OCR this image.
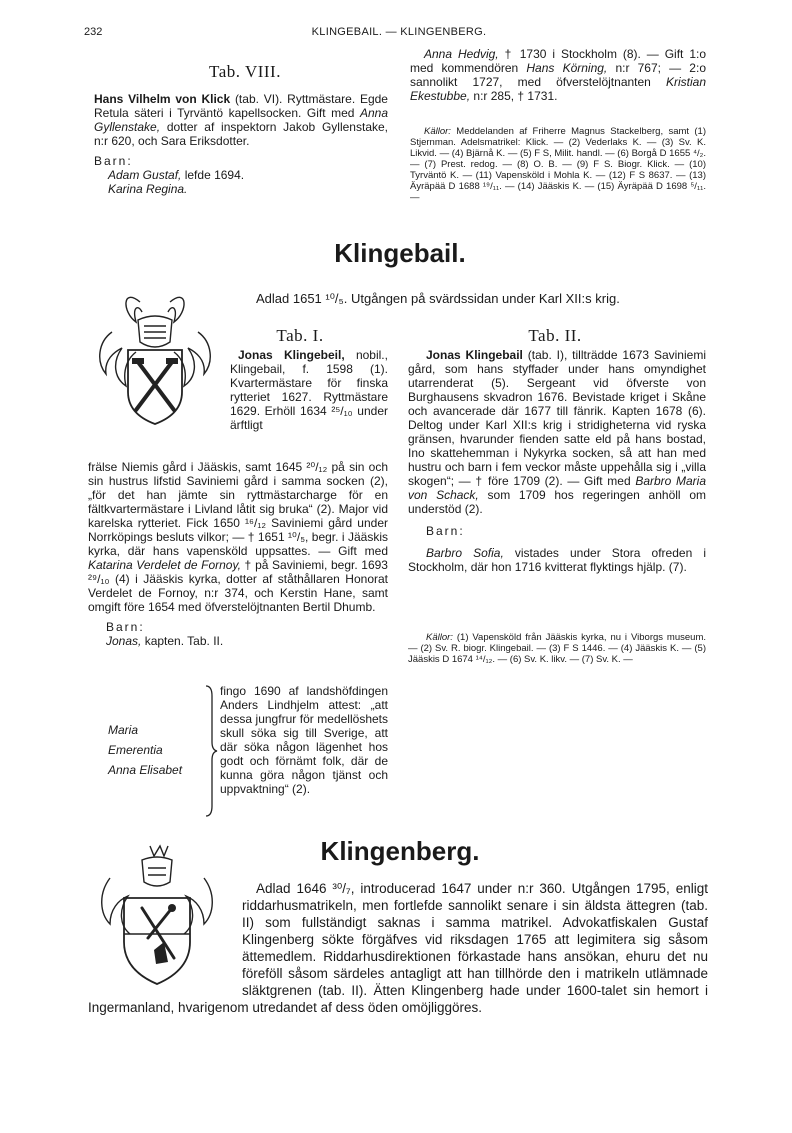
232	KLINGEBAIL. — KLINGENBERG.
Tab. VIII.

Hans Vilhelm von Klick (tab. VI). Ryttmästare. Egde Retula säteri i Tyrväntö kapellsocken. Gift med Anna Gyllenstake, dotter af inspektorn Jakob Gyllenstake, n:r 620, och Sara Eriksdotter.

Barn:

Adam Gustaf, lefde 1694.

Karina Regina.

Anna Hedvig, † 1730 i Stockholm (8). — Gift 1:o med kommendören Hans Körning, n:r 767; — 2:o sannolikt 1727, med öfverstelöjtnanten Kristian Ekestubbe, n:r 285, † 1731.

Källor: Meddelanden af Friherre Magnus Stackelberg, samt (1) Stjernman. Adelsmatrikel: Klick. — (2) Vederlaks K. — (3) Sv. K. Likvid. — (4) Bjärnå K. — (5) F S, Milit. handl. — (6) Borgå D 1655 ⁴/₂. — (7) Prest. redog. — (8) O. B. — (9) F S. Biogr. Klick. — (10) Tyrväntö K. — (11) Vapensköld i Mohla K. — (12) F S 8637. — (13) Äyräpää D 1688 ¹⁹/₁₁. — (14) Jääskis K. — (15) Äyräpää D 1698 ⁵/₁₁. —

Klingebail.
Adlad 1651 ¹⁰/₅. Utgången på svärdssidan under Karl XII:s krig.
Tab. I.

Jonas Klingebeil, nobil., Klingebail, f. 1598 (1). Kvartermästare för finska rytteriet 1627. Ryttmästare 1629. Erhöll 1634 ²⁵/₁₀ under ärftligt

frälse Niemis gård i Jääskis, samt 1645 ²⁰/₁₂ på sin och sin hustrus lifstid Saviniemi gård i samma socken (2), „för det han jämte sin ryttmästarcharge för en fältkvartermästare i Livland låtit sig bruka“ (2). Major vid karelska rytteriet. Fick 1650 ¹⁶/₁₂ Saviniemi gård under Norrköpings besluts vilkor; — † 1651 ¹⁰/₅, begr. i Jääskis kyrka, där hans vapensköld uppsattes. — Gift med Katarina Verdelet de Fornoy, † på Saviniemi, begr. 1693 ²⁹/₁₀ (4) i Jääskis kyrka, dotter af ståthållaren Honorat Verdelet de Fornoy, n:r 374, och Kerstin Hane, samt omgift före 1654 med öfverstelöjtnanten Bertil Dhumb.

Barn:

Jonas, kapten. Tab. II.

Maria
Emerentia
Anna Elisabet
fingo 1690 af landshöfdingen Anders Lindhjelm attest: „att dessa jungfrur för medellöshets skull söka sig till Sverige, att där söka någon lägenhet hos godt och förnämt folk, där de kunna göra någon tjänst och uppvaktning“ (2).
Tab. II.

Jonas Klingebail (tab. I), tillträdde 1673 Saviniemi gård, som hans styffader under hans omyndighet utarrenderat (5). Sergeant vid öfverste von Burghausens skvadron 1676. Bevistade kriget i Skåne och avancerade där 1677 till fänrik. Kapten 1678 (6). Deltog under Karl XII:s krig i stridigheterna vid ryska gränsen, hvarunder fienden satte eld på hans bostad, Ino skattehemman i Nykyrka socken, så att han med hustru och barn i fem veckor måste uppehålla sig i „villa skogen“; — † före 1709 (2). — Gift med Barbro Maria von Schack, som 1709 hos regeringen anhöll om understöd (2).

Barn:

Barbro Sofia, vistades under Stora ofreden i Stockholm, där hon 1716 kvitterat flyktings hjälp. (7).

Källor: (1) Vapensköld från Jääskis kyrka, nu i Viborgs museum. — (2) Sv. R. biogr. Klingebail. — (3) F S 1446. — (4) Jääskis K. — (5) Jääskis D 1674 ¹⁴/₁₂. — (6) Sv. K. likv. — (7) Sv. K. —

Klingenberg.

Adlad 1646 ³⁰/₇, introducerad 1647 under n:r 360. Utgången 1795, enligt riddarhusmatrikeln, men fortlefde sannolikt senare i sin äldsta ättegren (tab. II) som fullständigt saknas i samma matrikel. Advokatfiskalen Gustaf Klingenberg sökte förgäfves vid riksdagen 1765 att legimitera sig såsom ättemedlem. Riddarhusdirektionen förkastade hans ansökan, ehuru det nu föreföll såsom särdeles antagligt att han tillhörde den i matrikeln utlämnade släktgrenen (tab. II). Ätten Klingenberg hade under 1600-talet sin hemort i Ingermanland, hvarigenom utredandet af dess öden omöjliggöres.
